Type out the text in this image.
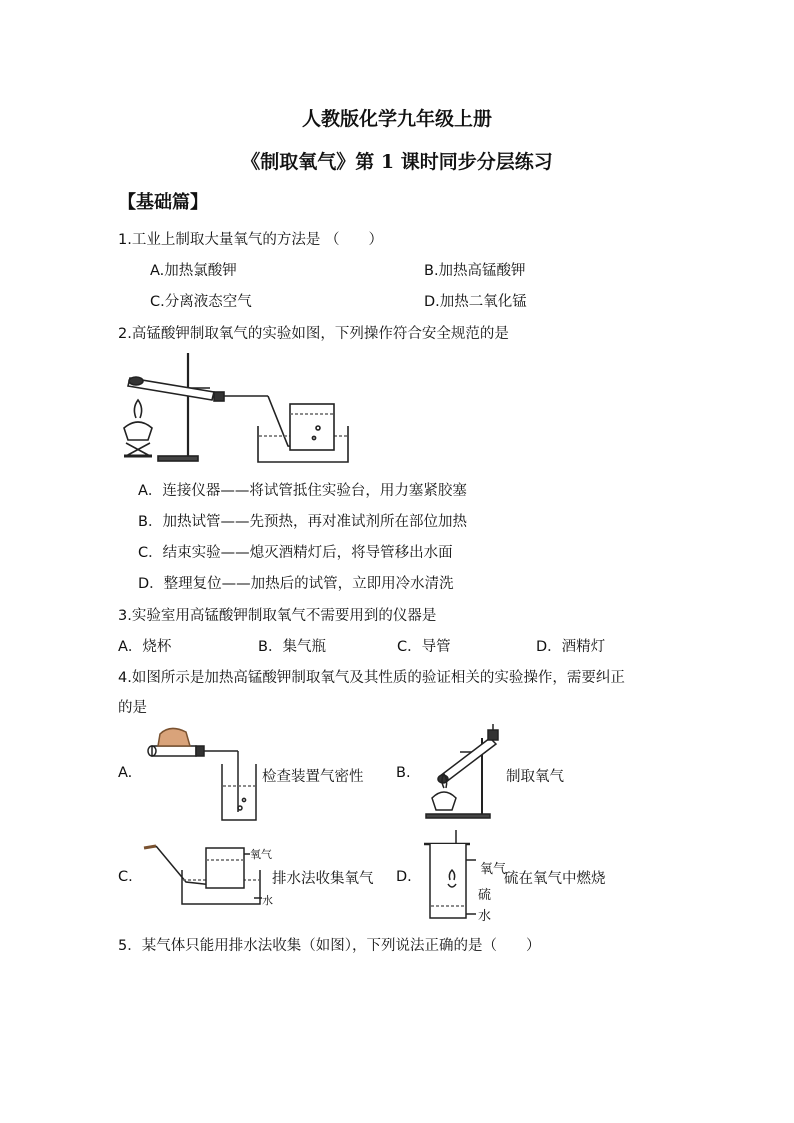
人教版化学九年级上册
《制取氧气》第 1 课时同步分层练习
【基础篇】
1.工业上制取大量氧气的方法是 （　　）
A.加热氯酸钾	B.加热高锰酸钾
C.分离液态空气	D.加热二氧化锰
2.高锰酸钾制取氧气的实验如图，下列操作符合安全规范的是
A．连接仪器——将试管抵住实验台，用力塞紧胶塞
B．加热试管——先预热，再对准试剂所在部位加热
C．结束实验——熄灭酒精灯后，将导管移出水面
D．整理复位——加热后的试管，立即用冷水清洗
3.实验室用高锰酸钾制取氧气不需要用到的仪器是
A．烧杯	B．集气瓶	C．导管	D．酒精灯
4.如图所示是加热高锰酸钾制取氧气及其性质的验证相关的实验操作，需要纠正
的是
A.	检查装置气密性 B.	制取氧气
C.
氧气
水
排水法收集氧气 D.	氧气
硫
水
硫在氧气中燃烧
5．某气体只能用排水法收集（如图），下列说法正确的是（　　）
